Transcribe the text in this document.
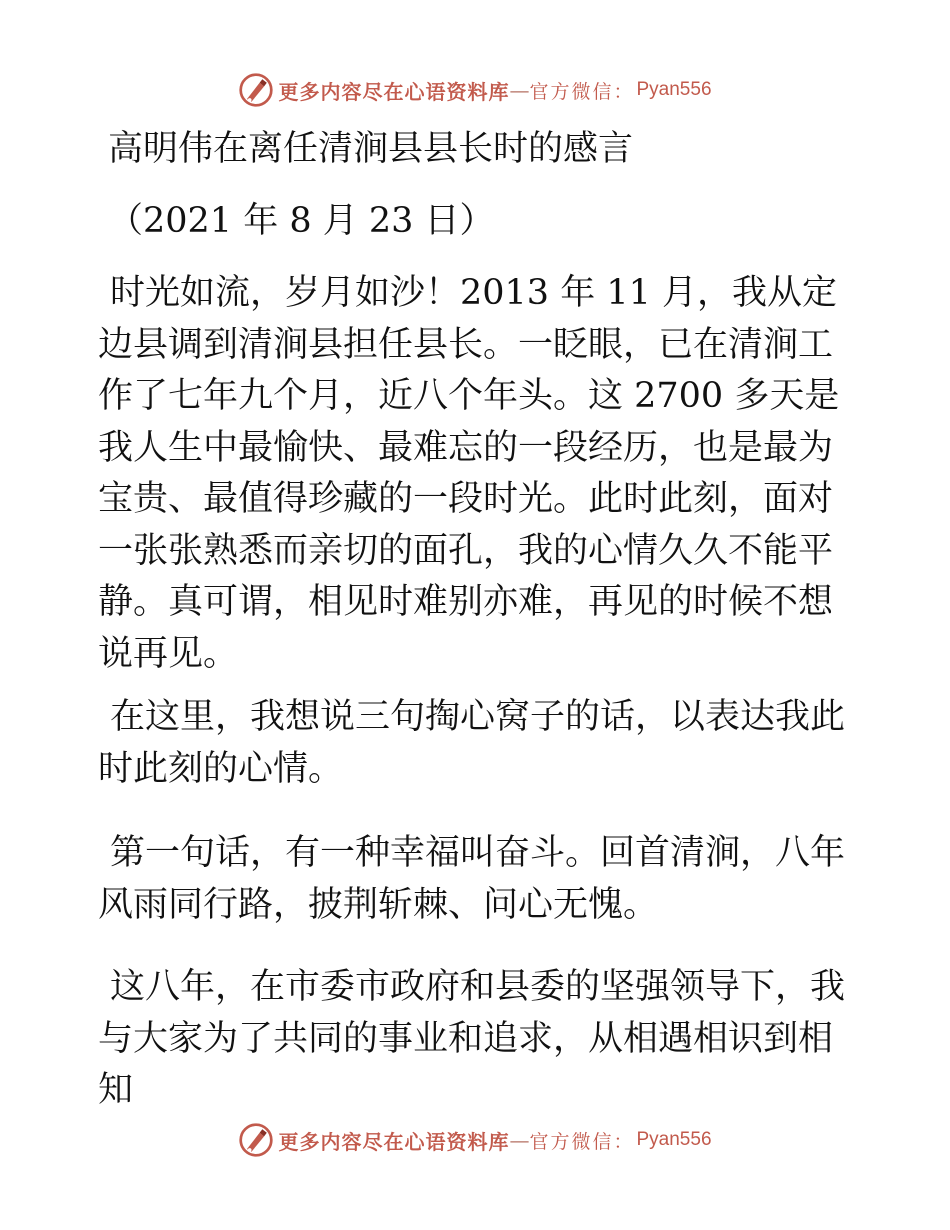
更多内容尽在心语资料库 — 官方微信： Pyan556
高明伟在离任清涧县县长时的感言
（2021 年 8 月 23 日）

时光如流，岁月如沙！2013 年 11 月，我从定边县调到清涧县担任县长。一眨眼，已在清涧工作了七年九个月，近八个年头。这 2700 多天是我人生中最愉快、最难忘的一段经历，也是最为宝贵、最值得珍藏的一段时光。此时此刻，面对一张张熟悉而亲切的面孔，我的心情久久不能平静。真可谓，相见时难别亦难，再见的时候不想说再见。

在这里，我想说三句掏心窝子的话，以表达我此时此刻的心情。

第一句话，有一种幸福叫奋斗。回首清涧，八年风雨同行路，披荆斩棘、问心无愧。

这八年，在市委市政府和县委的坚强领导下，我与大家为了共同的事业和追求，从相遇相识到相知

更多内容尽在心语资料库 — 官方微信： Pyan556
